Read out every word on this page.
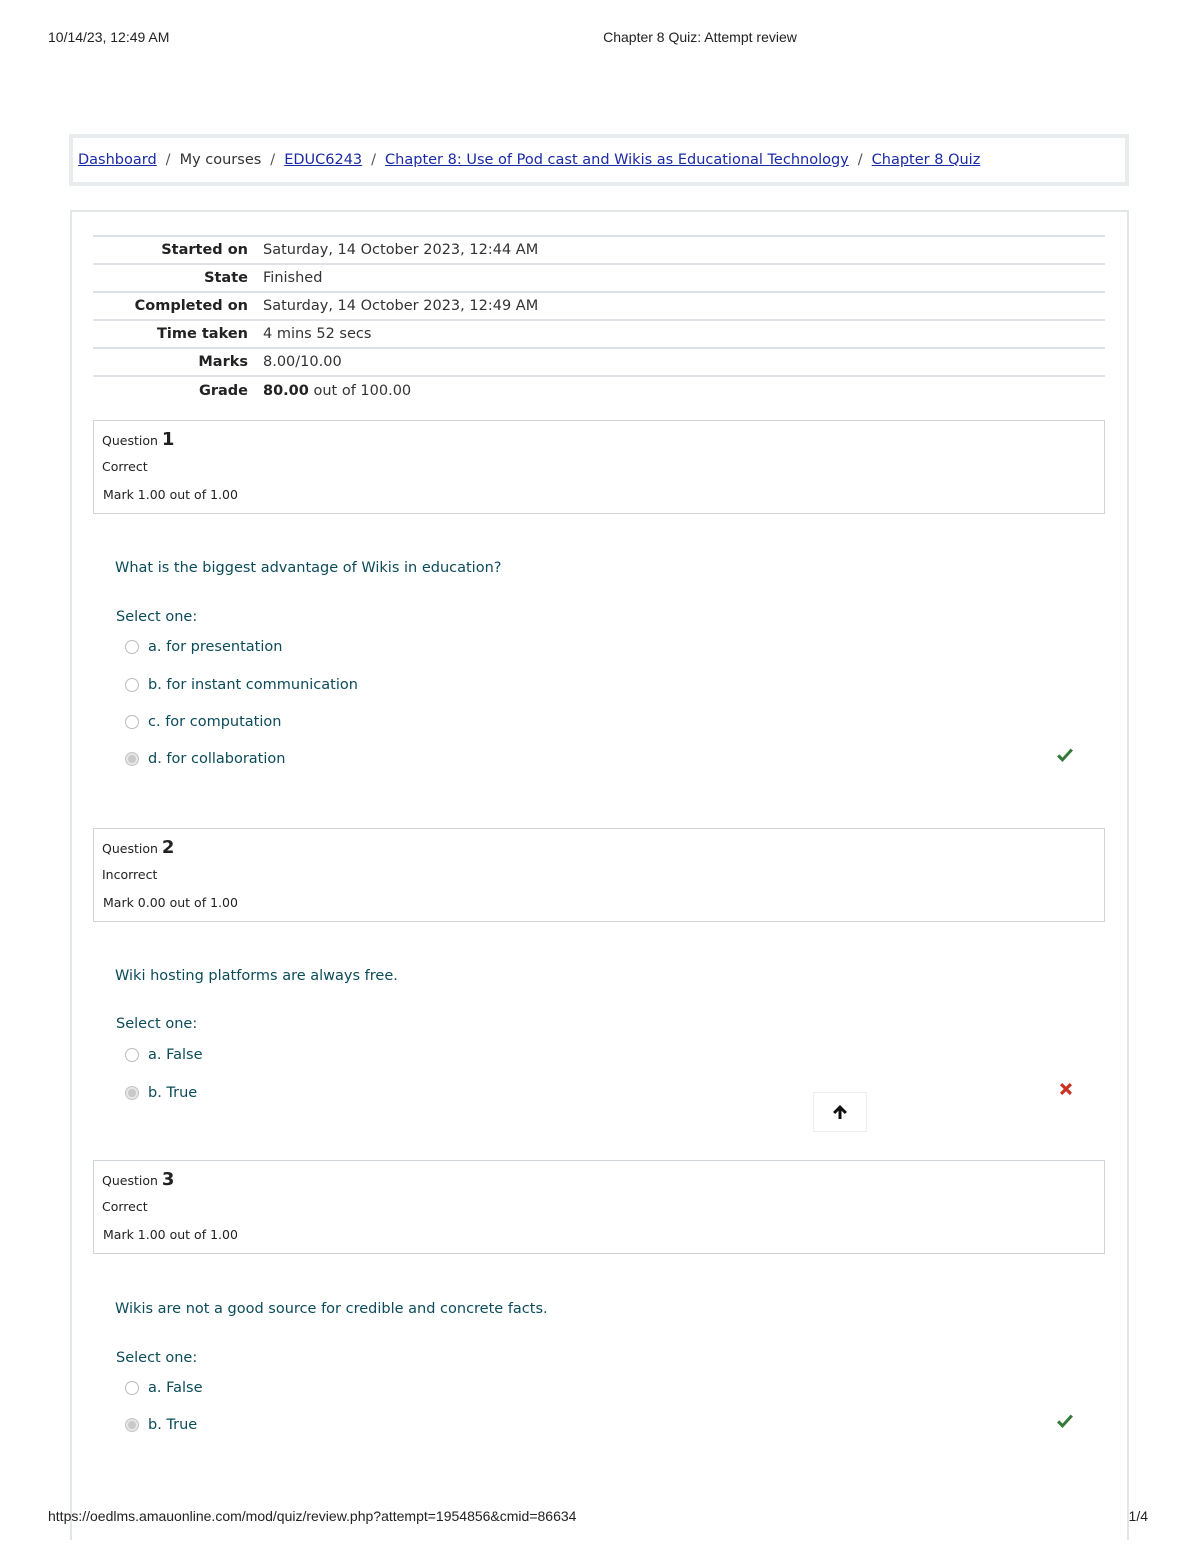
10/14/23, 12:49 AM	Chapter 8 Quiz: Attempt review
Dashboard / My courses / EDUC6243 / Chapter 8: Use of Pod cast and Wikis as Educational Technology / Chapter 8 Quiz
Started on	Saturday, 14 October 2023, 12:44 AM
State	Finished
Completed on	Saturday, 14 October 2023, 12:49 AM
Time taken	4 mins 52 secs
Marks	8.00/10.00
Grade	80.00 out of 100.00
Question 1
Correct
Mark 1.00 out of 1.00
What is the biggest advantage of Wikis in education?
Select one:
a. for presentation
b. for instant communication
c. for computation
d. for collaboration
Question 2
Incorrect
Mark 0.00 out of 1.00
Wiki hosting platforms are always free.
Select one:
a. False
b. True
Question 3
Correct
Mark 1.00 out of 1.00
Wikis are not a good source for credible and concrete facts.
Select one:
a. False
b. True
https://oedlms.amauonline.com/mod/quiz/review.php?attempt=1954856&cmid=86634	1/4
